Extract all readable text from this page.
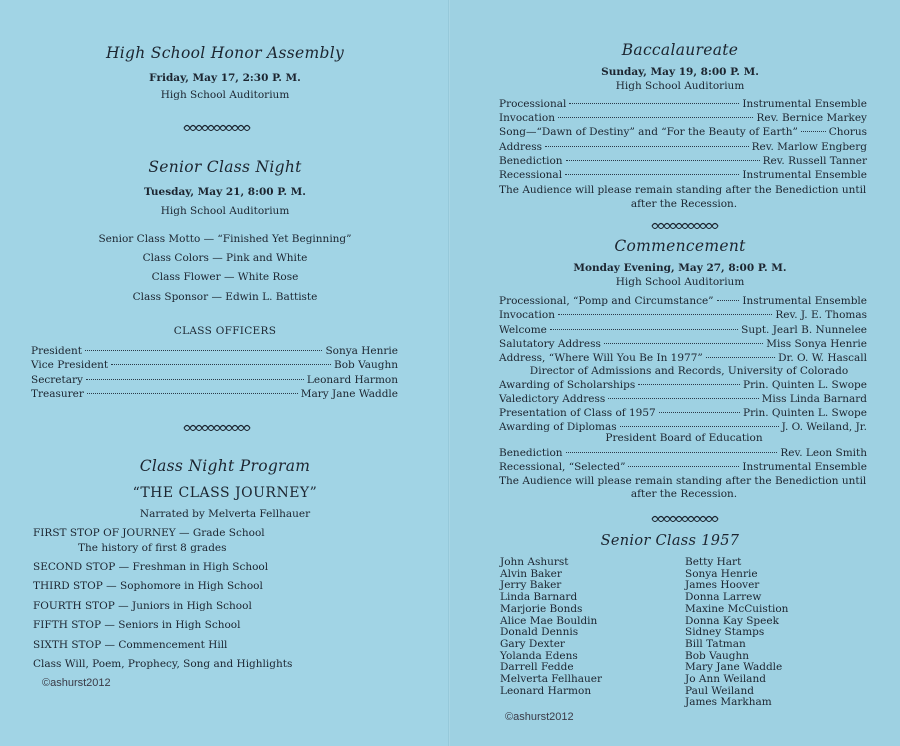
High School Honor Assembly
Friday, May 17, 2:30 P. M.
High School Auditorium
Senior Class Night
Tuesday, May 21, 8:00 P. M.
High School Auditorium
Senior Class Motto — “Finished Yet Beginning”
Class Colors — Pink and White
Class Flower — White Rose
Class Sponsor — Edwin L. Battiste
CLASS OFFICERS
President	Sonya Henrie
Vice President	Bob Vaughn
Secretary	Leonard Harmon
Treasurer	Mary Jane Waddle
Class Night Program
“THE CLASS JOURNEY”
Narrated by Melverta Fellhauer
FIRST STOP OF JOURNEY — Grade School
The history of first 8 grades
SECOND STOP — Freshman in High School
THIRD STOP — Sophomore in High School
FOURTH STOP — Juniors in High School
FIFTH STOP — Seniors in High School
SIXTH STOP — Commencement Hill
Class Will, Poem, Prophecy, Song and Highlights
©ashurst2012
Baccalaureate
Sunday, May 19, 8:00 P. M.
High School Auditorium
Processional	Instrumental Ensemble
Invocation	Rev. Bernice Markey
Song—“Dawn of Destiny” and “For the Beauty of Earth”	Chorus
Address	Rev. Marlow Engberg
Benediction	Rev. Russell Tanner
Recessional	Instrumental Ensemble
The Audience will please remain standing after the Benediction until
after the Recession.
Commencement
Monday Evening, May 27, 8:00 P. M.
High School Auditorium
Processional, “Pomp and Circumstance”	Instrumental Ensemble
Invocation	Rev. J. E. Thomas
Welcome	Supt. Jearl B. Nunnelee
Salutatory Address	Miss Sonya Henrie
Address, “Where Will You Be In 1977”	Dr. O. W. Hascall
Director of Admissions and Records, University of Colorado
Awarding of Scholarships	Prin. Quinten L. Swope
Valedictory Address	Miss Linda Barnard
Presentation of Class of 1957	Prin. Quinten L. Swope
Awarding of Diplomas	J. O. Weiland, Jr.
President Board of Education
Benediction	Rev. Leon Smith
Recessional, “Selected”	Instrumental Ensemble
The Audience will please remain standing after the Benediction until
after the Recession.
Senior Class 1957
John Ashurst
Alvin Baker
Jerry Baker
Linda Barnard
Marjorie Bonds
Alice Mae Bouldin
Donald Dennis
Gary Dexter
Yolanda Edens
Darrell Fedde
Melverta Fellhauer
Leonard Harmon
Betty Hart
Sonya Henrie
James Hoover
Donna Larrew
Maxine McCuistion
Donna Kay Speek
Sidney Stamps
Bill Tatman
Bob Vaughn
Mary Jane Waddle
Jo Ann Weiland
Paul Weiland
James Markham
©ashurst2012
